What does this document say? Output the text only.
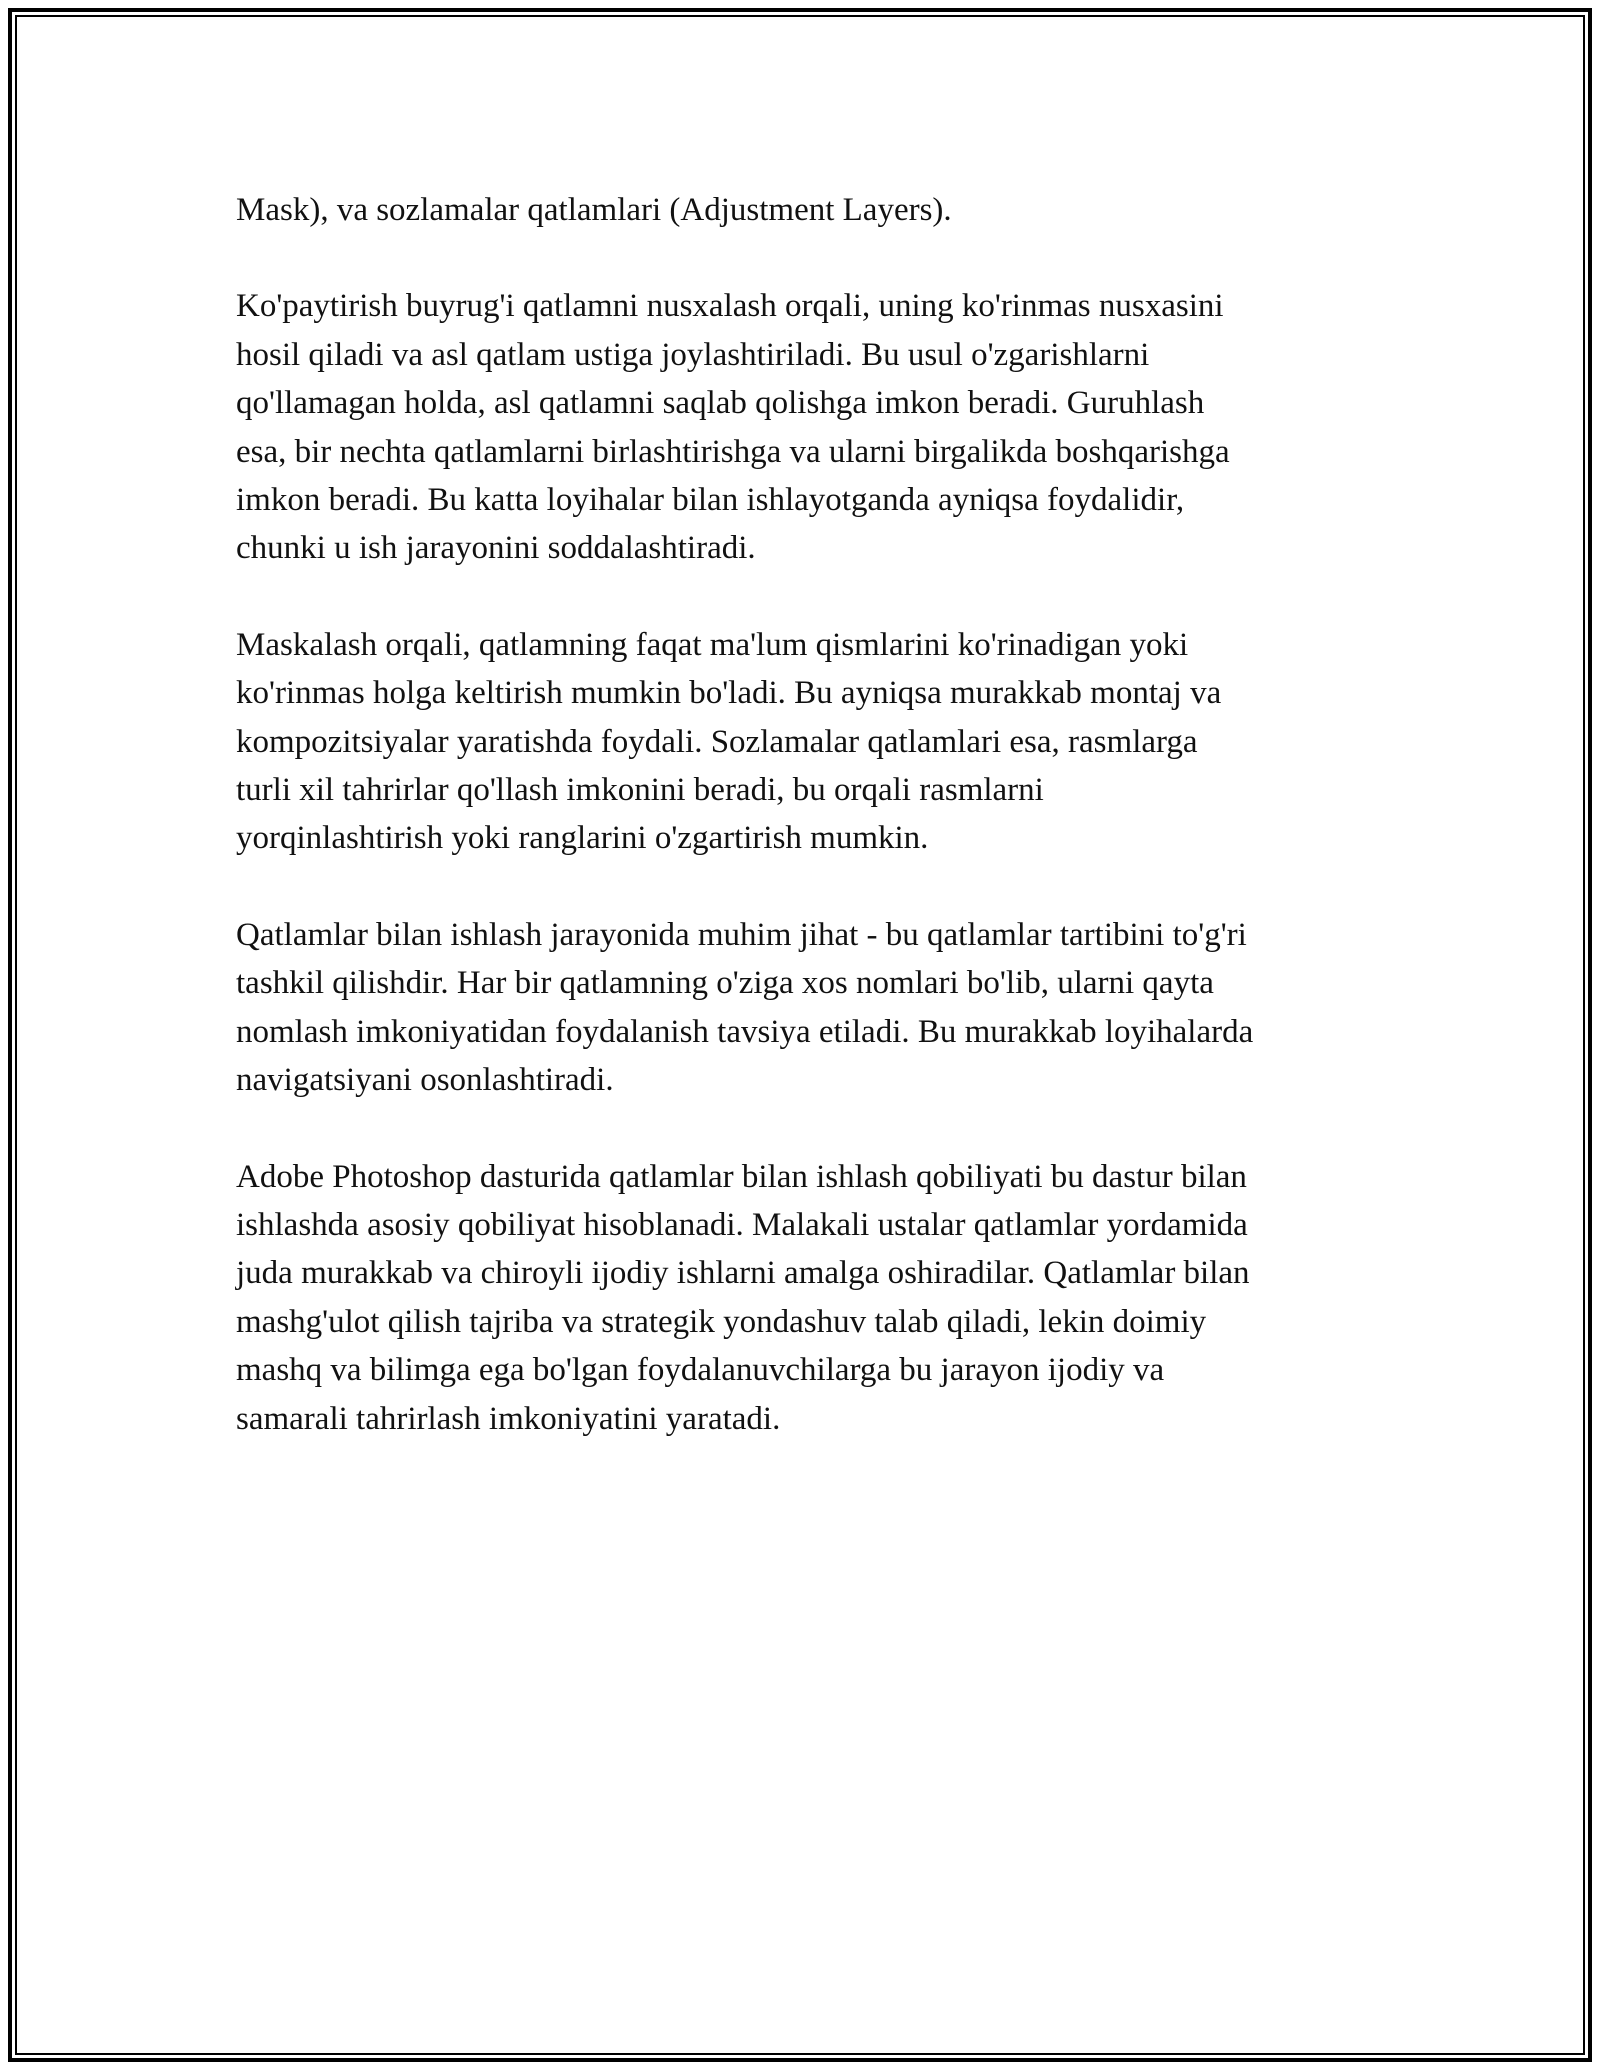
Mask), va sozlamalar qatlamlari (Adjustment Layers).

Ko'paytirish buyrug'i qatlamni nusxalash orqali, uning ko'rinmas nusxasini
hosil qiladi va asl qatlam ustiga joylashtiriladi. Bu usul o'zgarishlarni
qo'llamagan holda, asl qatlamni saqlab qolishga imkon beradi. Guruhlash
esa, bir nechta qatlamlarni birlashtirishga va ularni birgalikda boshqarishga
imkon beradi. Bu katta loyihalar bilan ishlayotganda ayniqsa foydalidir,
chunki u ish jarayonini soddalashtiradi.

Maskalash orqali, qatlamning faqat ma'lum qismlarini ko'rinadigan yoki
ko'rinmas holga keltirish mumkin bo'ladi. Bu ayniqsa murakkab montaj va
kompozitsiyalar yaratishda foydali. Sozlamalar qatlamlari esa, rasmlarga
turli xil tahrirlar qo'llash imkonini beradi, bu orqali rasmlarni
yorqinlashtirish yoki ranglarini o'zgartirish mumkin.

Qatlamlar bilan ishlash jarayonida muhim jihat - bu qatlamlar tartibini to'g'ri
tashkil qilishdir. Har bir qatlamning o'ziga xos nomlari bo'lib, ularni qayta
nomlash imkoniyatidan foydalanish tavsiya etiladi. Bu murakkab loyihalarda
navigatsiyani osonlashtiradi.

Adobe Photoshop dasturida qatlamlar bilan ishlash qobiliyati bu dastur bilan
ishlashda asosiy qobiliyat hisoblanadi. Malakali ustalar qatlamlar yordamida
juda murakkab va chiroyli ijodiy ishlarni amalga oshiradilar. Qatlamlar bilan
mashg'ulot qilish tajriba va strategik yondashuv talab qiladi, lekin doimiy
mashq va bilimga ega bo'lgan foydalanuvchilarga bu jarayon ijodiy va
samarali tahrirlash imkoniyatini yaratadi.
